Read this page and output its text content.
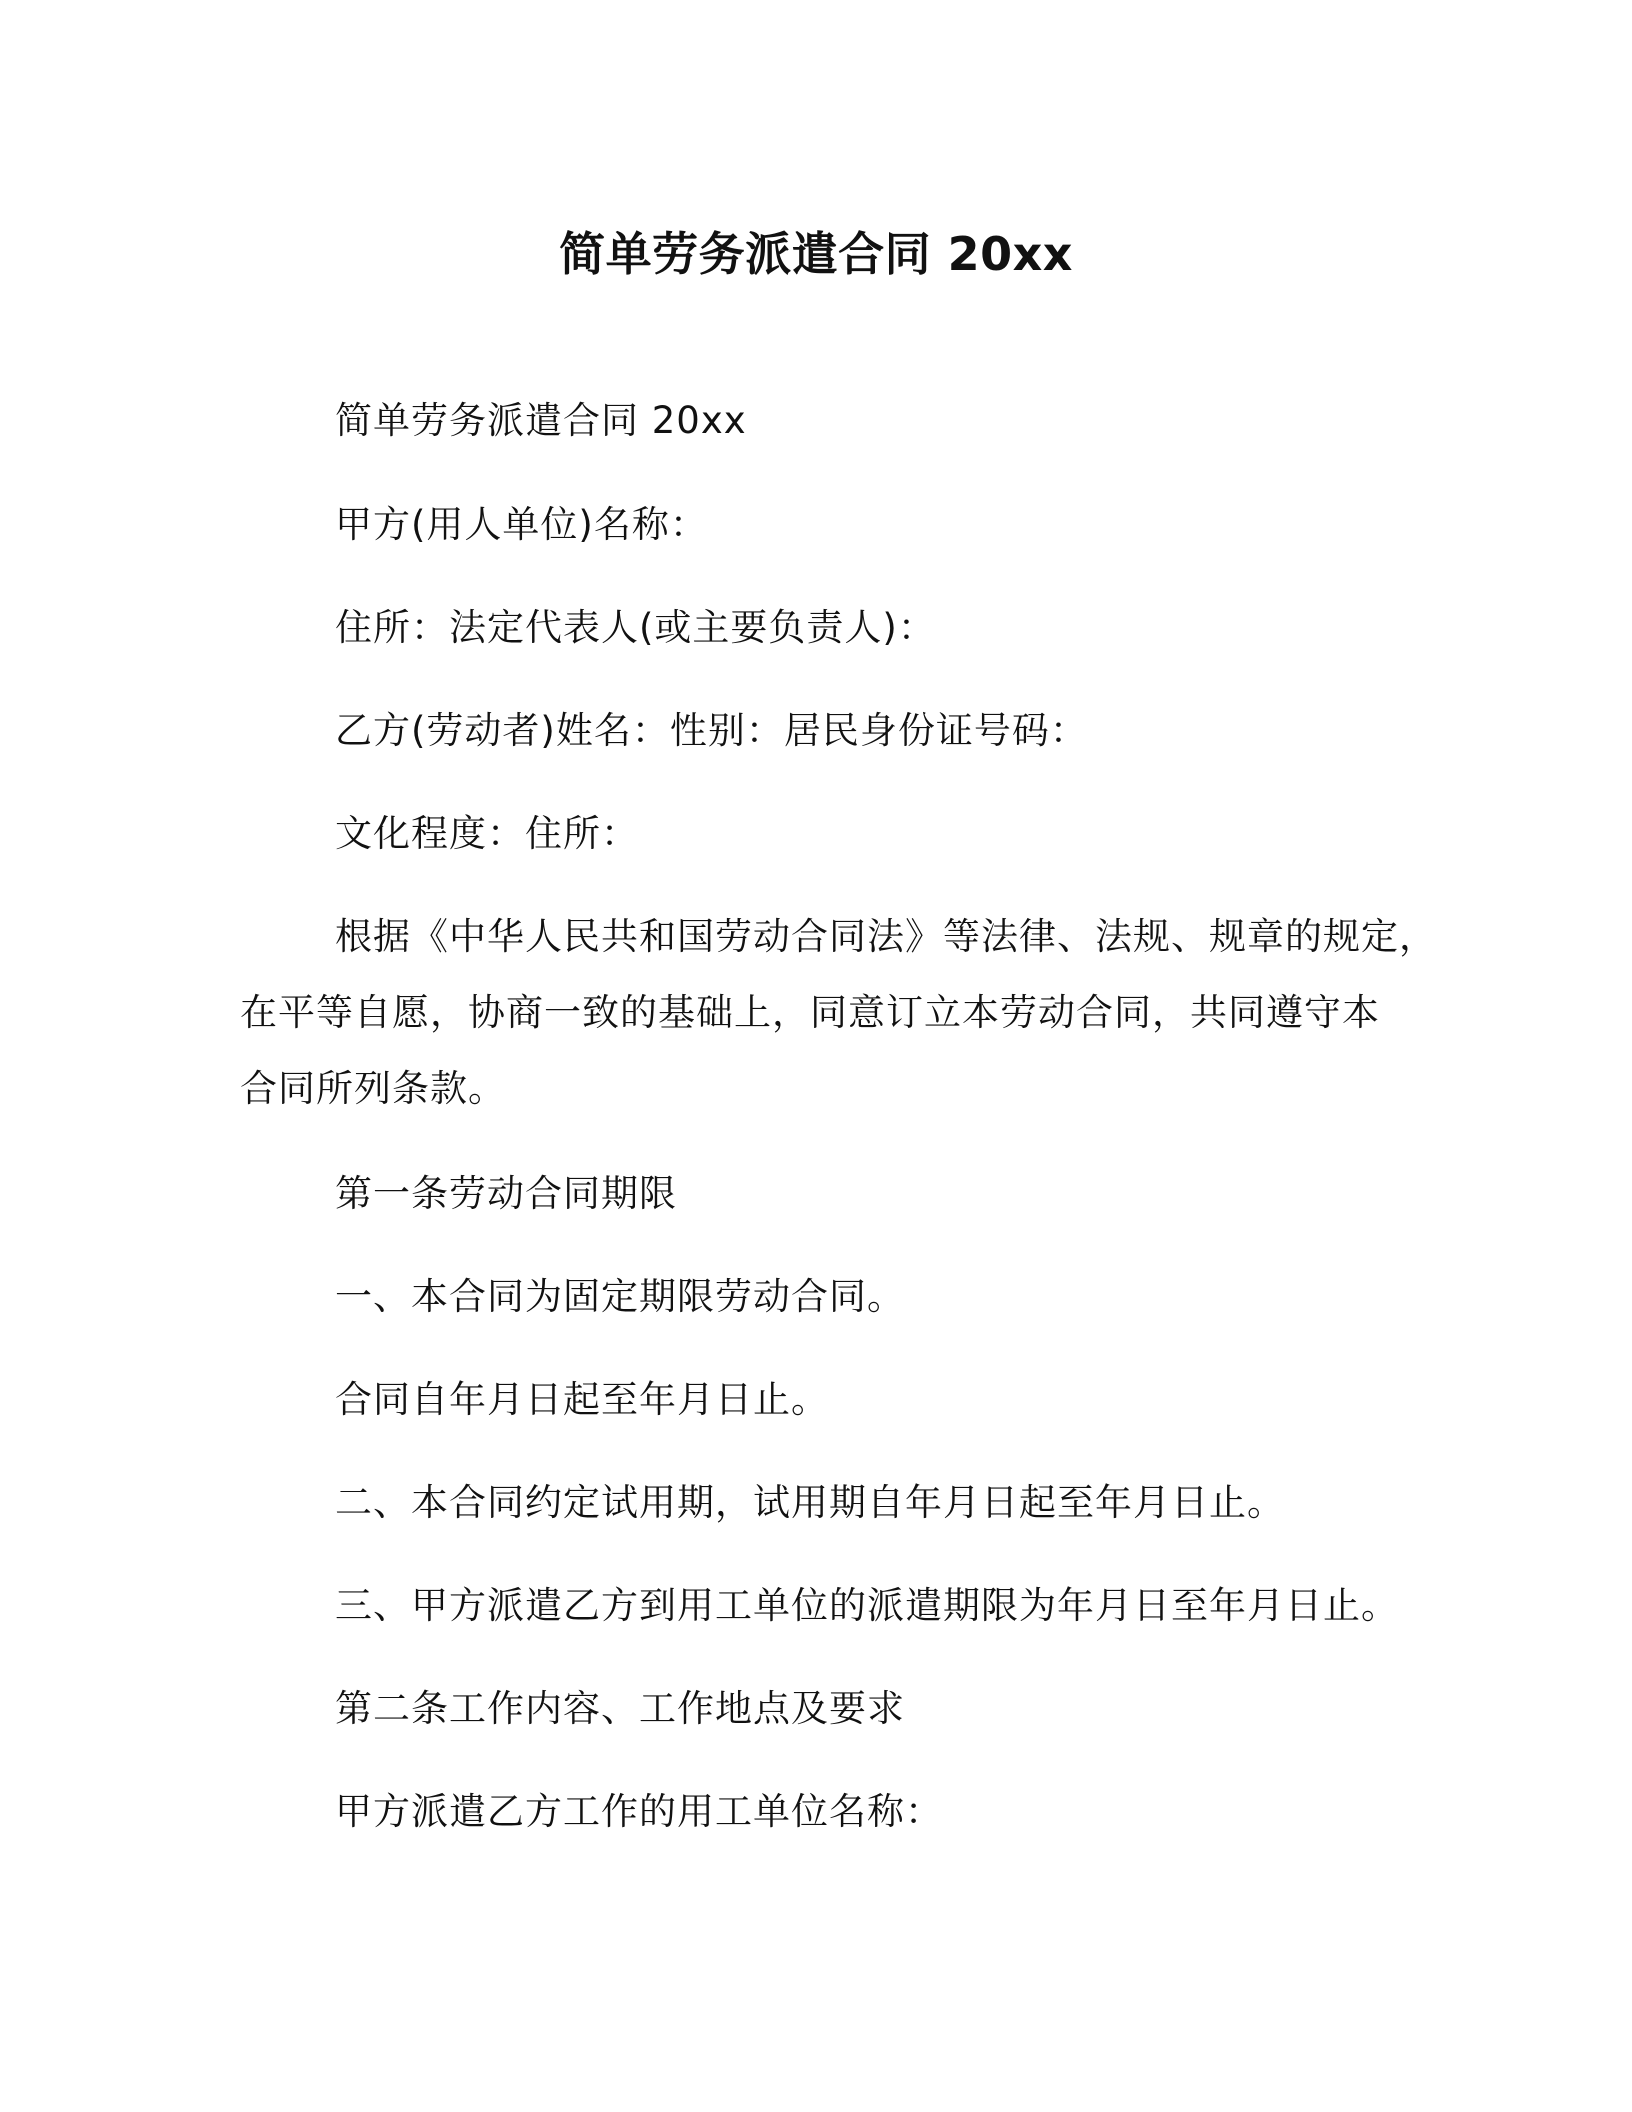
简单劳务派遣合同 20xx
简单劳务派遣合同 20xx
甲方(用人单位)名称：
住所：法定代表人(或主要负责人)：
乙方(劳动者)姓名：性别：居民身份证号码：
文化程度：住所：
根据《中华人民共和国劳动合同法》等法律、法规、规章的规定，
在平等自愿，协商一致的基础上，同意订立本劳动合同，共同遵守本
合同所列条款。
第一条劳动合同期限
一、本合同为固定期限劳动合同。
合同自年月日起至年月日止。
二、本合同约定试用期，试用期自年月日起至年月日止。
三、甲方派遣乙方到用工单位的派遣期限为年月日至年月日止。
第二条工作内容、工作地点及要求
甲方派遣乙方工作的用工单位名称：
